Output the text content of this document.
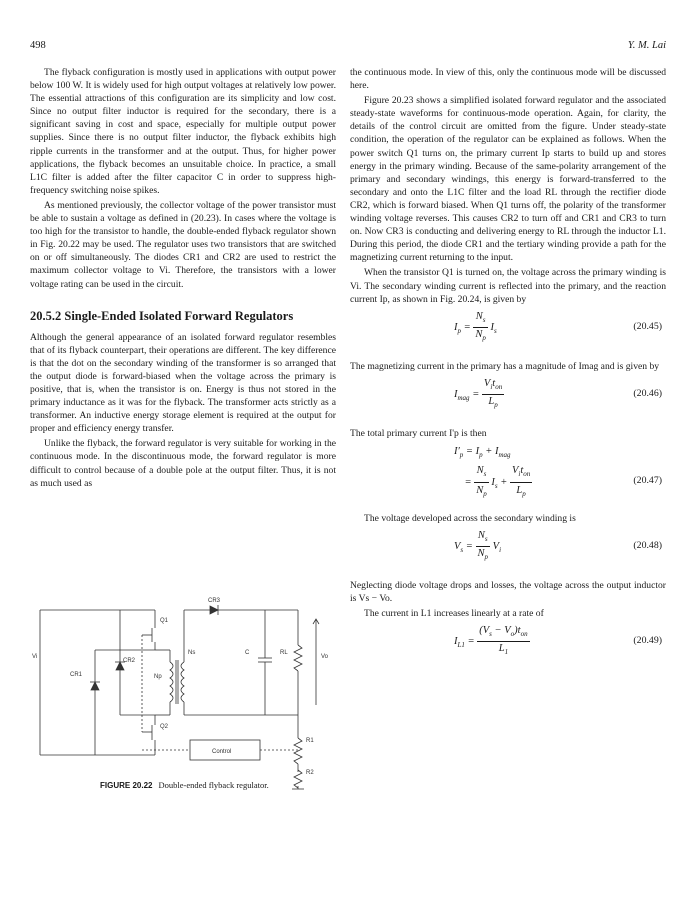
498	Y. M. Lai

The flyback configuration is mostly used in applications with output power below 100 W. It is widely used for high output voltages at relatively low power. The essential attractions of this configuration are its simplicity and low cost. Since no output filter inductor is required for the secondary, there is a significant saving in cost and space, especially for multiple output power supplies. Since there is no output filter inductor, the flyback exhibits high ripple currents in the transformer and at the output. Thus, for higher power applications, the flyback becomes an unsuitable choice. In practice, a small L1C filter is added after the filter capacitor C in order to suppress high-frequency switching noise spikes.

As mentioned previously, the collector voltage of the power transistor must be able to sustain a voltage as defined in (20.23). In cases where the voltage is too high for the transistor to handle, the double-ended flyback regulator shown in Fig. 20.22 may be used. The regulator uses two transistors that are switched on or off simultaneously. The diodes CR1 and CR2 are used to restrict the maximum collector voltage to Vi. Therefore, the transistors with a lower voltage rating can be used in the circuit.

20.5.2 Single-Ended Isolated Forward Regulators

Although the general appearance of an isolated forward regulator resembles that of its flyback counterpart, their operations are different. The key difference is that the dot on the secondary winding of the transformer is so arranged that the output diode is forward-biased when the voltage across the primary is positive, that is, when the transistor is on. Energy is thus not stored in the primary inductance as it was for the flyback. The transformer acts strictly as a transformer. An inductive energy storage element is required at the output for proper and efficiency energy transfer.

Unlike the flyback, the forward regulator is very suitable for working in the continuous mode. In the discontinuous mode, the forward regulator is more difficult to control because of a double pole at the output filter. Thus, it is not as much used as

the continuous mode. In view of this, only the continuous mode will be discussed here.

Figure 20.23 shows a simplified isolated forward regulator and the associated steady-state waveforms for continuous-mode operation. Again, for clarity, the details of the control circuit are omitted from the figure. Under steady-state condition, the operation of the regulator can be explained as follows. When the power switch Q1 turns on, the primary current Ip starts to build up and stores energy in the primary winding. Because of the same-polarity arrangement of the primary and secondary windings, this energy is forward-transferred to the secondary and onto the L1C filter and the load RL through the rectifier diode CR2, which is forward biased. When Q1 turns off, the polarity of the transformer winding voltage reverses. This causes CR2 to turn off and CR1 and CR3 to turn on. Now CR3 is conducting and delivering energy to RL through the inductor L1. During this period, the diode CR1 and the tertiary winding provide a path for the magnetizing current returning to the input.

When the transistor Q1 is turned on, the voltage across the primary winding is Vi. The secondary winding current is reflected into the primary, and the reaction current Ip, as shown in Fig. 20.24, is given by

$I_p = \frac{N_s}{N_p} I_s$	(20.45)

The magnetizing current in the primary has a magnitude of Imag and is given by

$I_{mag} = \frac{V_it_{on}}{L_p}$	(20.46)

The total primary current I'p is then

$I'_p = I_p + I_{mag}$
= $\frac{N_s}{N_p} I_s + \frac{V_it_{on}}{L_p}$	(20.47)

The voltage developed across the secondary winding is

$V_s = \frac{N_s}{N_p} V_i$	(20.48)

Neglecting diode voltage drops and losses, the voltage across the output inductor is Vs − Vo.

The current in L1 increases linearly at a rate of

$I_{L1} = \frac{(V_s - V_o)t_{on}}{L_1}$	(20.49)
CR3
Q1
Vi
CR2
CR1	Np
Ns	C	RL
Vo
Q2
R1
R2
Control
FIGURE 20.22 Double-ended flyback regulator.
